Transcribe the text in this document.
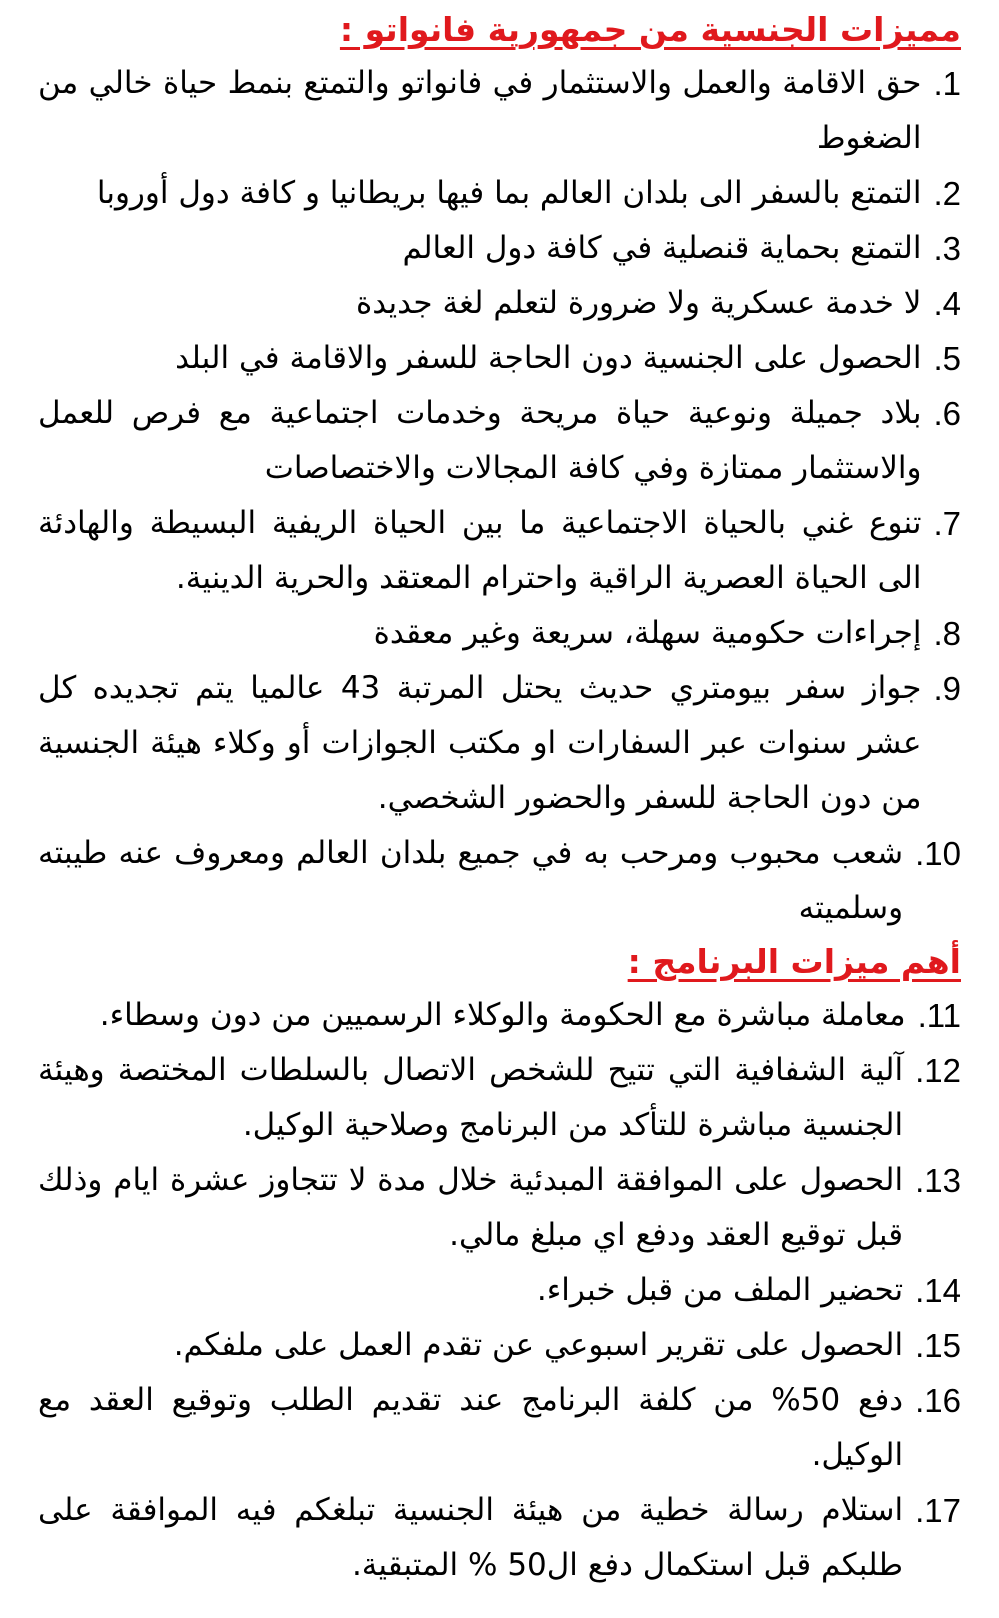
مميزات الجنسية من جمهورية فانواتو :
1.
حق الاقامة والعمل والاستثمار في فانواتو والتمتع بنمط حياة خالي من الضغوط
2.
التمتع بالسفر الى بلدان العالم بما فيها بريطانيا و كافة دول أوروبا
3.
التمتع بحماية قنصلية في كافة دول العالم
4.
لا خدمة عسكرية ولا ضرورة لتعلم لغة جديدة
5.
الحصول على الجنسية دون الحاجة للسفر والاقامة في البلد
6.
بلاد جميلة ونوعية حياة مريحة وخدمات اجتماعية مع فرص للعمل والاستثمار ممتازة وفي كافة المجالات والاختصاصات
7.
تنوع غني بالحياة الاجتماعية ما بين الحياة الريفية البسيطة والهادئة الى الحياة العصرية الراقية واحترام المعتقد والحرية الدينية.
8.
إجراءات حكومية سهلة، سريعة وغير معقدة
9.
جواز سفر بيومتري حديث يحتل المرتبة 43 عالميا يتم تجديده كل عشر سنوات عبر السفارات او مكتب الجوازات أو وكلاء هيئة الجنسية من دون الحاجة للسفر والحضور الشخصي.
10.
شعب محبوب ومرحب به في جميع بلدان العالم ومعروف عنه طيبته وسلميته
أهم ميزات البرنامج :
11.
معاملة مباشرة مع الحكومة والوكلاء الرسميين من دون وسطاء.
12.
آلية الشفافية التي تتيح للشخص الاتصال بالسلطات المختصة وهيئة الجنسية مباشرة للتأكد من البرنامج وصلاحية الوكيل.
13.
الحصول على الموافقة المبدئية خلال مدة لا تتجاوز عشرة ايام وذلك قبل توقيع العقد ودفع اي مبلغ مالي.
14.
تحضير الملف من قبل خبراء.
15.
الحصول على تقرير اسبوعي عن تقدم العمل على ملفكم.
16.
دفع 50% من كلفة البرنامج عند تقديم الطلب وتوقيع العقد مع الوكيل.
17.
استلام رسالة خطية من هيئة الجنسية تبلغكم فيه الموافقة على طلبكم قبل استكمال دفع ال50 % المتبقية.
